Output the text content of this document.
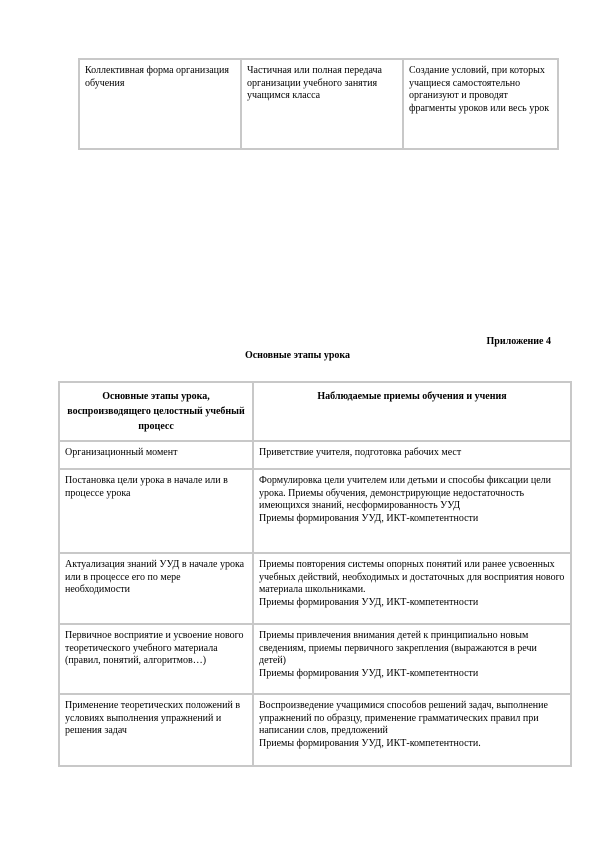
Коллективная форма организация обучения	Частичная или полная передача организации учебного занятия учащимся класса	Создание условий, при которых учащиеся самостоятельно организуют и проводят фрагменты уроков или весь урок
Приложение 4
Основные этапы урока
Основные этапы урока, воспроизводящего целостный учебный процесс	Наблюдаемые приемы обучения и учения
Организационный момент	Приветствие учителя, подготовка рабочих мест
Постановка цели урока в начале или в процессе урока	Формулировка цели учителем или детьми и способы фиксации цели урока. Приемы обучения, демонстрирующие недостаточность имеющихся знаний, несформированность УУД
Приемы формирования УУД, ИКТ-компетентности
Актуализация знаний УУД в начале урока или в процессе его по мере необходимости	Приемы повторения системы опорных понятий или ранее усвоенных учебных действий, необходимых и достаточных для восприятия нового материала школьниками.
Приемы формирования УУД, ИКТ-компетентности
Первичное восприятие и усвоение нового теоретического учебного материала (правил, понятий, алгоритмов…)	Приемы привлечения внимания детей к принципиально новым сведениям, приемы первичного закрепления (выражаются в речи детей)
Приемы формирования УУД, ИКТ-компетентности
Применение теоретических положений в условиях выполнения упражнений и решения задач	Воспроизведение учащимися способов решений задач, выполнение упражнений по образцу, применение грамматических правил при написании слов, предложений
Приемы формирования УУД, ИКТ-компетентности.
